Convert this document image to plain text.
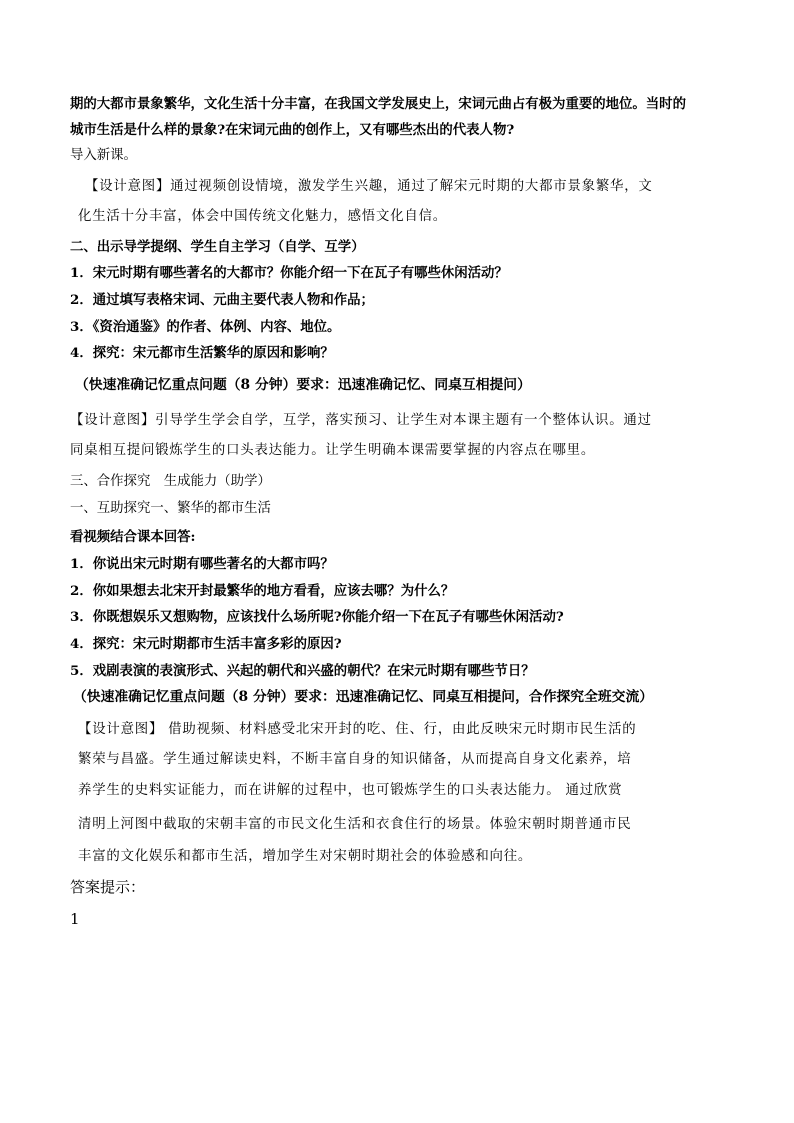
期的大都市景象繁华，文化生活十分丰富，在我国文学发展史上，宋词元曲占有极为重要的地位。当时的
城市生活是什么样的景象?在宋词元曲的创作上，又有哪些杰出的代表人物?
导入新课。
【设计意图】通过视频创设情境，激发学生兴趣，通过了解宋元时期的大都市景象繁华，文
化生活十分丰富，体会中国传统文化魅力，感悟文化自信。
二、出示导学提纲、学生自主学习（自学、互学）
1．宋元时期有哪些著名的大都市？你能介绍一下在瓦子有哪些休闲活动？
2．通过填写表格宋词、元曲主要代表人物和作品；
3．《资治通鉴》的作者、体例、内容、地位。
4．探究：宋元都市生活繁华的原因和影响？
（快速准确记忆重点问题（8 分钟）要求：迅速准确记忆、同桌互相提问）
【设计意图】引导学生学会自学，互学，落实预习、让学生对本课主题有一个整体认识。通过
同桌相互提问锻炼学生的口头表达能力。让学生明确本课需要掌握的内容点在哪里。
三、合作探究　生成能力（助学）
一、互助探究一、繁华的都市生活
看视频结合课本回答:
1．你说出宋元时期有哪些著名的大都市吗？
2．你如果想去北宋开封最繁华的地方看看，应该去哪？为什么？
3．你既想娱乐又想购物，应该找什么场所呢?你能介绍一下在瓦子有哪些休闲活动?
4．探究：宋元时期都市生活丰富多彩的原因?
5．戏剧表演的表演形式、兴起的朝代和兴盛的朝代？在宋元时期有哪些节日？
（快速准确记忆重点问题（8 分钟）要求：迅速准确记忆、同桌互相提问，合作探究全班交流）
【设计意图】 借助视频、材料感受北宋开封的吃、住、行，由此反映宋元时期市民生活的
繁荣与昌盛。学生通过解读史料，不断丰富自身的知识储备，从而提高自身文化素养，培
养学生的史料实证能力，而在讲解的过程中，也可锻炼学生的口头表达能力。 通过欣赏
清明上河图中截取的宋朝丰富的市民文化生活和衣食住行的场景。体验宋朝时期普通市民
丰富的文化娱乐和都市生活，增加学生对宋朝时期社会的体验感和向往。
答案提示：
1
